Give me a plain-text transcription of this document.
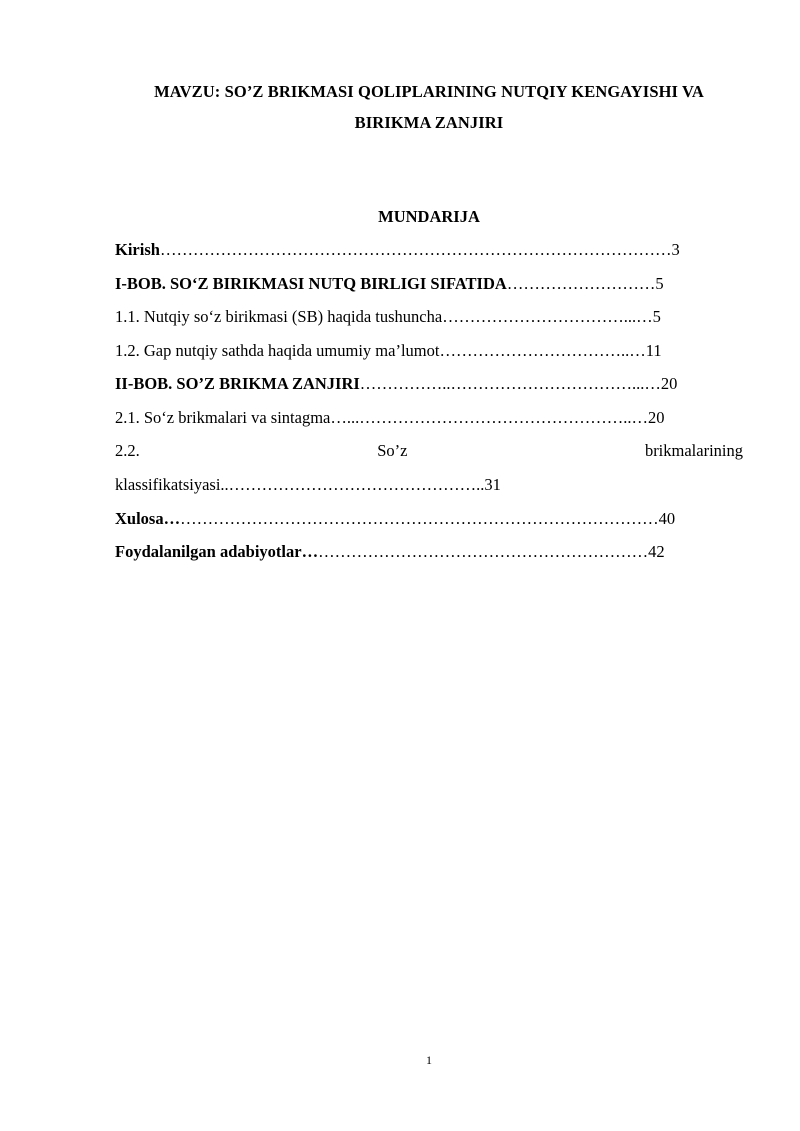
MAVZU: SO’Z BRIKMASI QOLIPLARINING NUTQIY KENGAYISHI VA
BIRIKMA ZANJIRI
MUNDARIJA
Kirish…………………………………………………………………………………3
I-BOB. SO‘Z BIRIKMASI NUTQ BIRLIGI SIFATIDA………………………5
1.1. Nutqiy so‘z birikmasi (SB) haqida tushuncha……………………………...…5
1.2. Gap nutqiy sathda haqida umumiy ma’lumot……………………………..…11
II-BOB. SO’Z BRIKMA ZANJIRI……………..……………………………...…20
2.1. So‘z brikmalari va sintagma…...…………………………………………..…20
2.2.	So’z	brikmalarining
klassifikatsiyasi..………………………………………..31
Xulosa………………………………………………………………………………40
Foydalanilgan adabiyotlar………………………………………………………42
1
